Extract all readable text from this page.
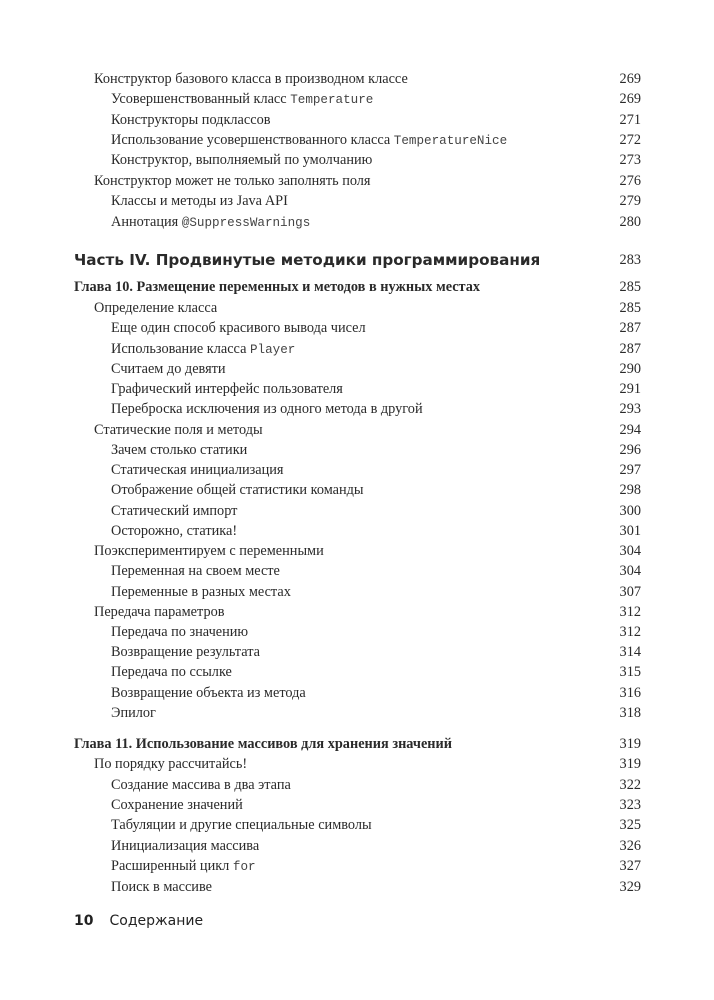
Конструктор базового класса в производном классе	269
Усовершенствованный класс Temperature	269
Конструкторы подклассов	271
Использование усовершенствованного класса TemperatureNice	272
Конструктор, выполняемый по умолчанию	273
Конструктор может не только заполнять поля	276
Классы и методы из Java API	279
Аннотация @SuppressWarnings	280
Часть IV. Продвинутые методики программирования	283
Глава 10. Размещение переменных и методов в нужных местах	285
Определение класса	285
Еще один способ красивого вывода чисел	287
Использование класса Player	287
Считаем до девяти	290
Графический интерфейс пользователя	291
Переброска исключения из одного метода в другой	293
Статические поля и методы	294
Зачем столько статики	296
Статическая инициализация	297
Отображение общей статистики команды	298
Статический импорт	300
Осторожно, статика!	301
Поэкспериментируем с переменными	304
Переменная на своем месте	304
Переменные в разных местах	307
Передача параметров	312
Передача по значению	312
Возвращение результата	314
Передача по ссылке	315
Возвращение объекта из метода	316
Эпилог	318
Глава 11. Использование массивов для хранения значений	319
По порядку рассчитайсь!	319
Создание массива в два этапа	322
Сохранение значений	323
Табуляции и другие специальные символы	325
Инициализация массива	326
Расширенный цикл for	327
Поиск в массиве	329
10 Содержание
